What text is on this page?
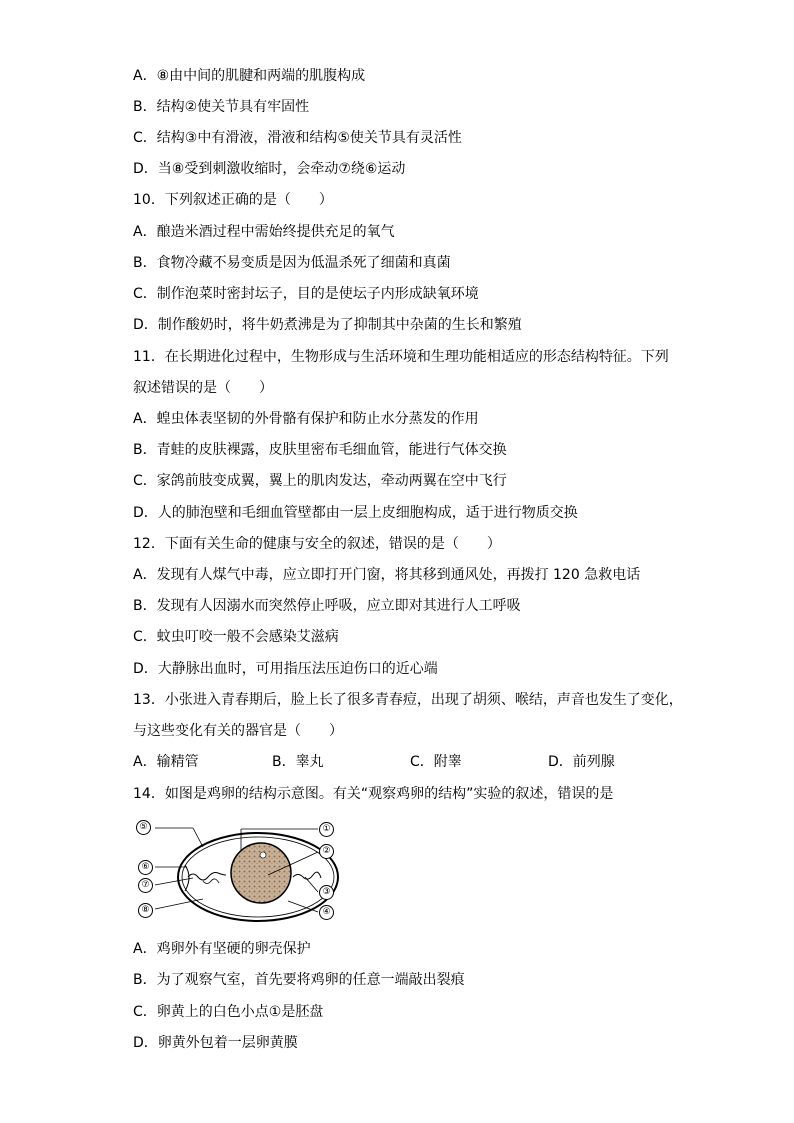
A．⑧由中间的肌腱和两端的肌腹构成
B．结构②使关节具有牢固性
C．结构③中有滑液，滑液和结构⑤使关节具有灵活性
D．当⑧受到刺激收缩时，会牵动⑦绕⑥运动
10．下列叙述正确的是（　　）
A．酿造米酒过程中需始终提供充足的氧气
B．食物冷藏不易变质是因为低温杀死了细菌和真菌
C．制作泡菜时密封坛子，目的是使坛子内形成缺氧环境
D．制作酸奶时，将牛奶煮沸是为了抑制其中杂菌的生长和繁殖
11．在长期进化过程中，生物形成与生活环境和生理功能相适应的形态结构特征。下列
叙述错误的是（　　）
A．蝗虫体表坚韧的外骨骼有保护和防止水分蒸发的作用
B．青蛙的皮肤裸露，皮肤里密布毛细血管，能进行气体交换
C．家鸽前肢变成翼，翼上的肌肉发达，牵动两翼在空中飞行
D．人的肺泡壁和毛细血管壁都由一层上皮细胞构成，适于进行物质交换
12．下面有关生命的健康与安全的叙述，错误的是（　　）
A．发现有人煤气中毒，应立即打开门窗，将其移到通风处，再拨打 120 急救电话
B．发现有人因溺水而突然停止呼吸，应立即对其进行人工呼吸
C．蚊虫叮咬一般不会感染艾滋病
D．大静脉出血时，可用指压法压迫伤口的近心端
13．小张进入青春期后，脸上长了很多青春痘，出现了胡须、喉结，声音也发生了变化，
与这些变化有关的器官是（　　）
A．输精管	B．睾丸	C．附睾	D．前列腺
14．如图是鸡卵的结构示意图。有关“观察鸡卵的结构”实验的叙述，错误的是
⑤
⑥
⑦
⑧
①
②
③
④
A．鸡卵外有坚硬的卵壳保护
B．为了观察气室，首先要将鸡卵的任意一端敲出裂痕
C．卵黄上的白色小点①是胚盘
D．卵黄外包着一层卵黄膜
